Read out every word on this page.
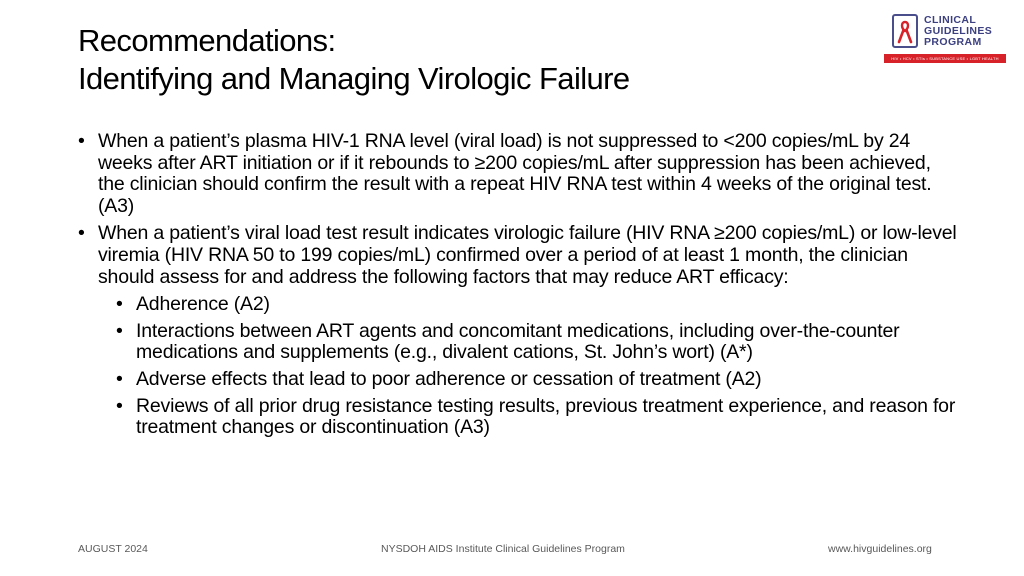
Recommendations:
Identifying and Managing Virologic Failure
CLINICAL
GUIDELINES
PROGRAM
HIV • HCV • STIs • SUBSTANCE USE • LGBT HEALTH
• When a patient’s plasma HIV-1 RNA level (viral load) is not suppressed to <200 copies/mL by 24 weeks after ART initiation or if it rebounds to ≥200 copies/mL after suppression has been achieved, the clinician should confirm the result with a repeat HIV RNA test within 4 weeks of the original test. (A3)
• When a patient’s viral load test result indicates virologic failure (HIV RNA ≥200 copies/mL) or low-level viremia (HIV RNA 50 to 199 copies/mL) confirmed over a period of at least 1 month, the clinician should assess for and address the following factors that may reduce ART efficacy:
• Adherence (A2)
• Interactions between ART agents and concomitant medications, including over-the-counter medications and supplements (e.g., divalent cations, St. John’s wort) (A*)
• Adverse effects that lead to poor adherence or cessation of treatment (A2)
• Reviews of all prior drug resistance testing results, previous treatment experience, and reason for treatment changes or discontinuation (A3)
AUGUST 2024	NYSDOH AIDS Institute Clinical Guidelines Program	www.hivguidelines.org
